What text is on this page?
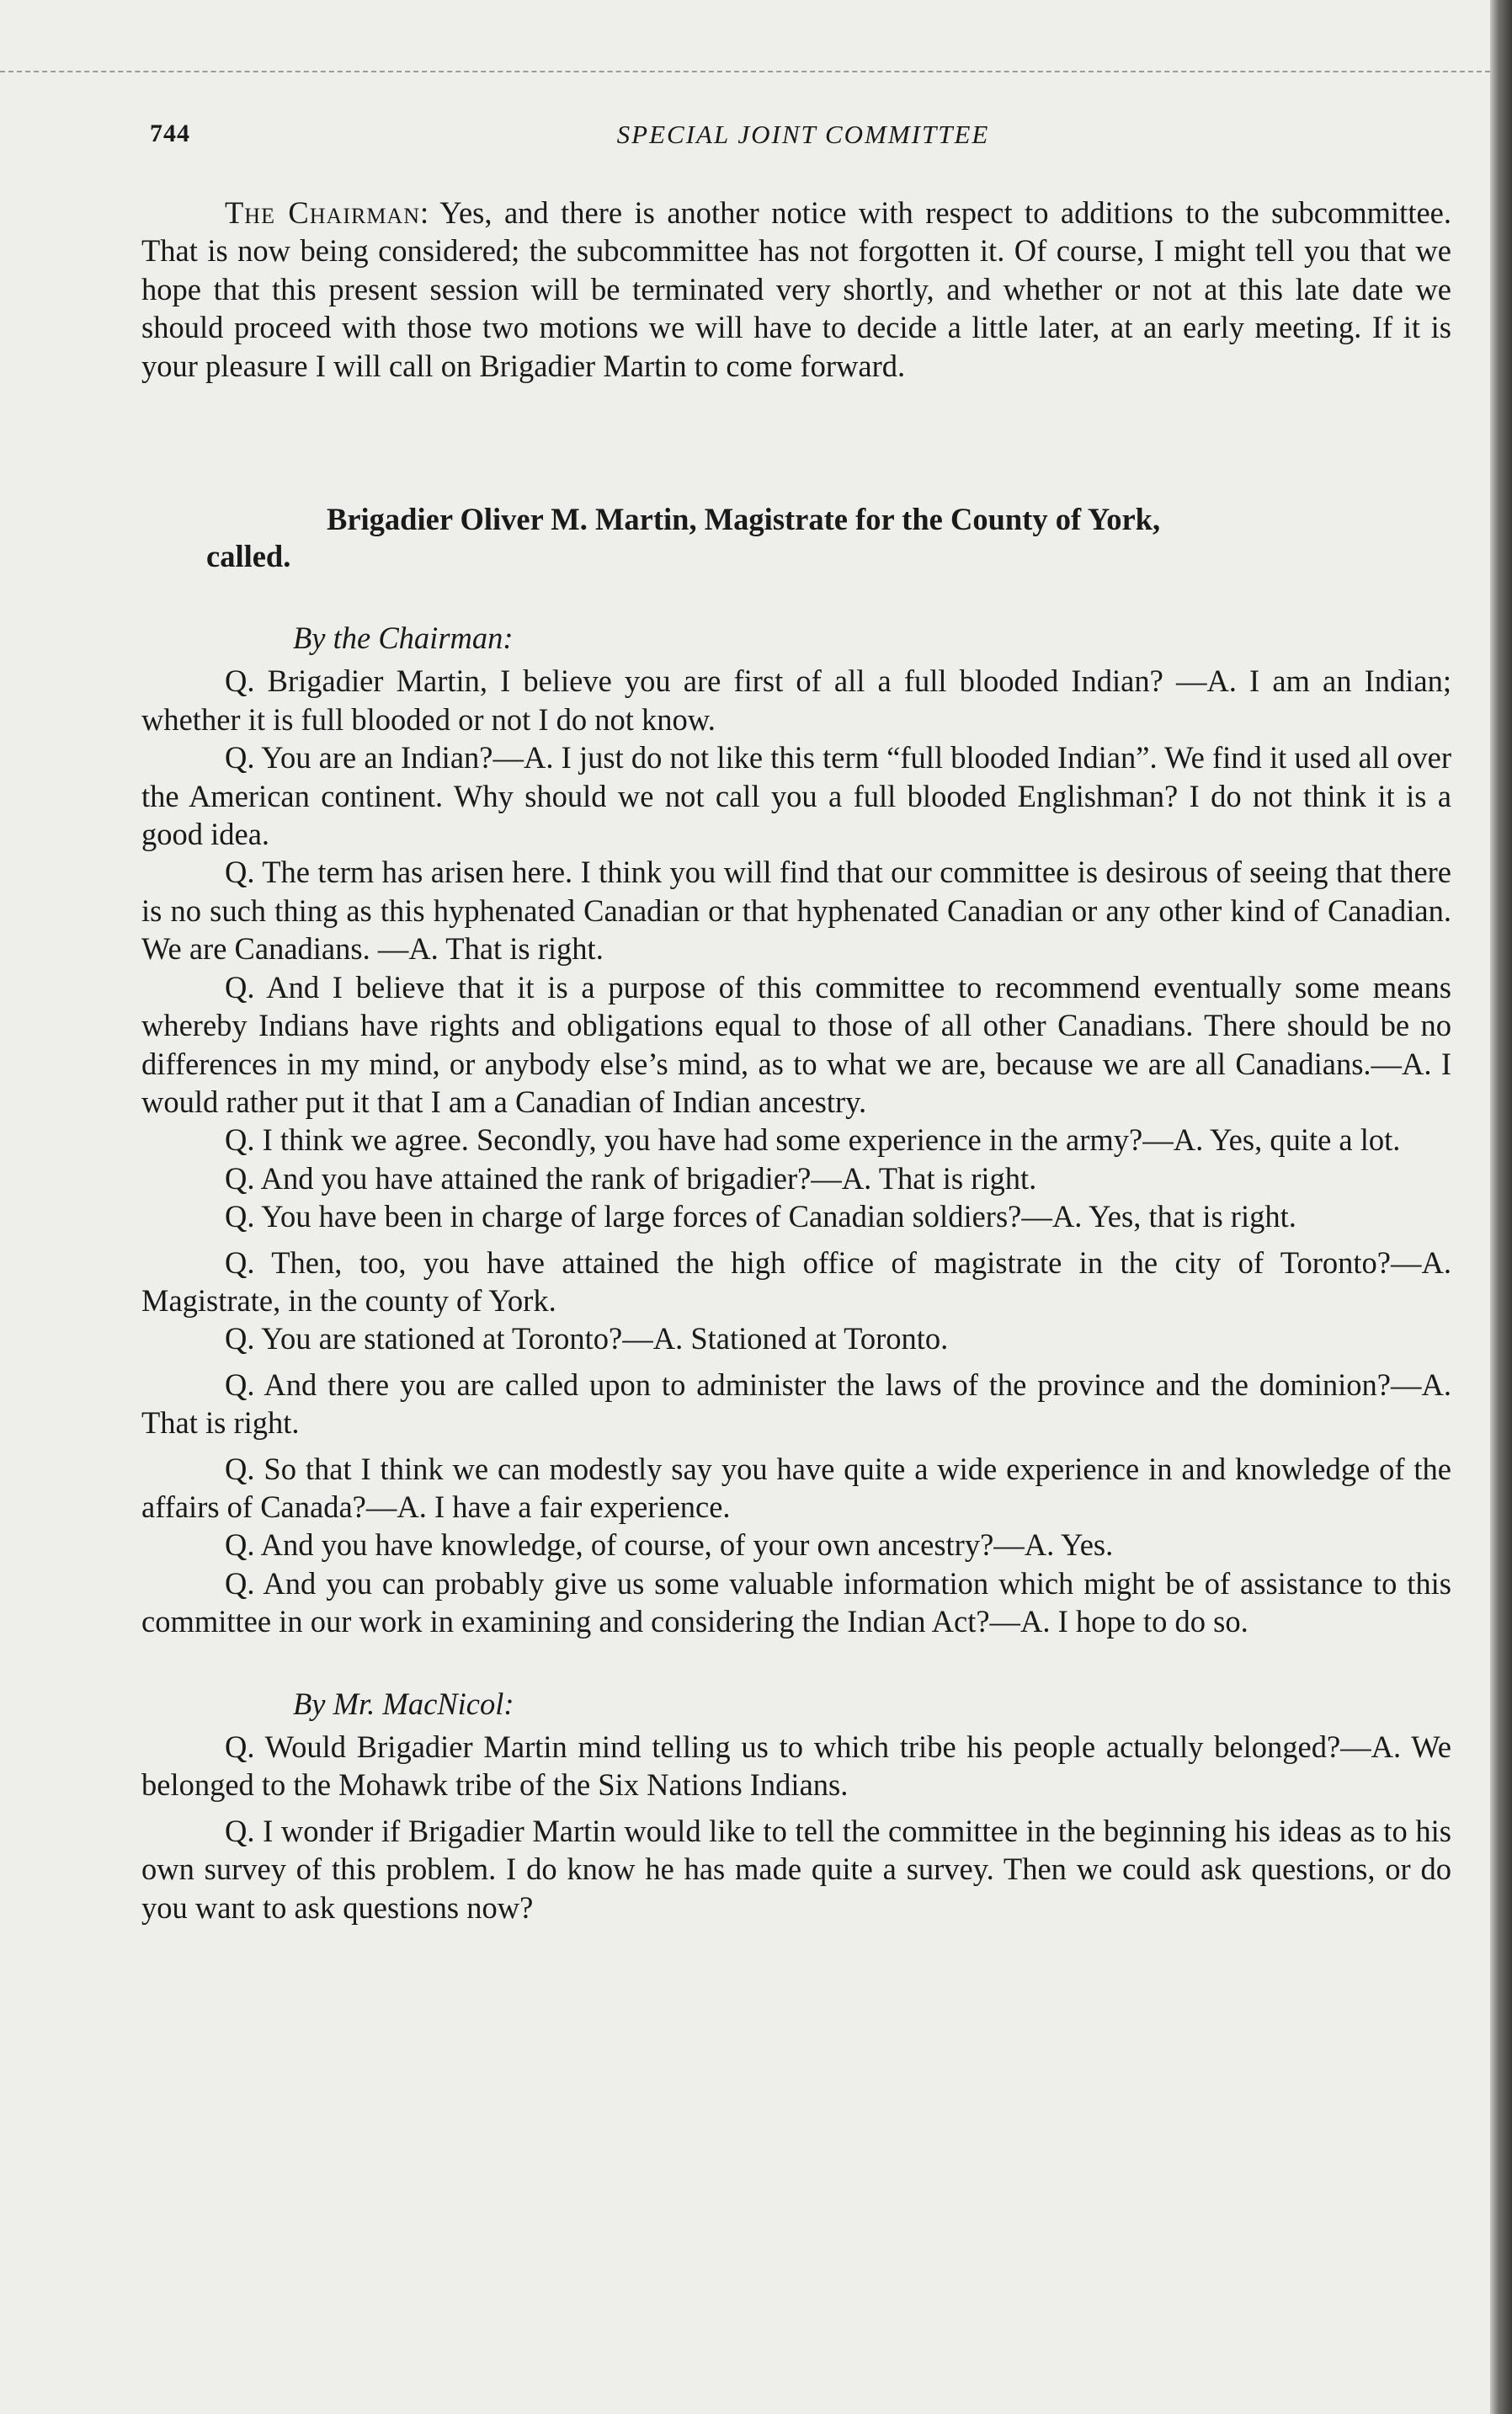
744	SPECIAL JOINT COMMITTEE

The Chairman: Yes, and there is another notice with respect to additions to the subcommittee. That is now being considered; the subcommittee has not forgotten it. Of course, I might tell you that we hope that this present session will be terminated very shortly, and whether or not at this late date we should proceed with those two motions we will have to decide a little later, at an early meeting. If it is your pleasure I will call on Brigadier Martin to come forward.

Brigadier Oliver M. Martin, Magistrate for the County of York,
called.

By the Chairman:

Q. Brigadier Martin, I believe you are first of all a full blooded Indian? —A. I am an Indian; whether it is full blooded or not I do not know.

Q. You are an Indian?—A. I just do not like this term “full blooded Indian”. We find it used all over the American continent. Why should we not call you a full blooded Englishman? I do not think it is a good idea.

Q. The term has arisen here. I think you will find that our committee is desirous of seeing that there is no such thing as this hyphenated Canadian or that hyphenated Canadian or any other kind of Canadian. We are Canadians. —A. That is right.

Q. And I believe that it is a purpose of this committee to recommend eventually some means whereby Indians have rights and obligations equal to those of all other Canadians. There should be no differences in my mind, or anybody else’s mind, as to what we are, because we are all Canadians.—A. I would rather put it that I am a Canadian of Indian ancestry.

Q. I think we agree. Secondly, you have had some experience in the army?—A. Yes, quite a lot.

Q. And you have attained the rank of brigadier?—A. That is right.

Q. You have been in charge of large forces of Canadian soldiers?—A. Yes, that is right.

Q. Then, too, you have attained the high office of magistrate in the city of Toronto?—A. Magistrate, in the county of York.

Q. You are stationed at Toronto?—A. Stationed at Toronto.

Q. And there you are called upon to administer the laws of the province and the dominion?—A. That is right.

Q. So that I think we can modestly say you have quite a wide experience in and knowledge of the affairs of Canada?—A. I have a fair experience.

Q. And you have knowledge, of course, of your own ancestry?—A. Yes.

Q. And you can probably give us some valuable information which might be of assistance to this committee in our work in examining and considering the Indian Act?—A. I hope to do so.

By Mr. MacNicol:

Q. Would Brigadier Martin mind telling us to which tribe his people actually belonged?—A. We belonged to the Mohawk tribe of the Six Nations Indians.

Q. I wonder if Brigadier Martin would like to tell the committee in the beginning his ideas as to his own survey of this problem. I do know he has made quite a survey. Then we could ask questions, or do you want to ask questions now?
